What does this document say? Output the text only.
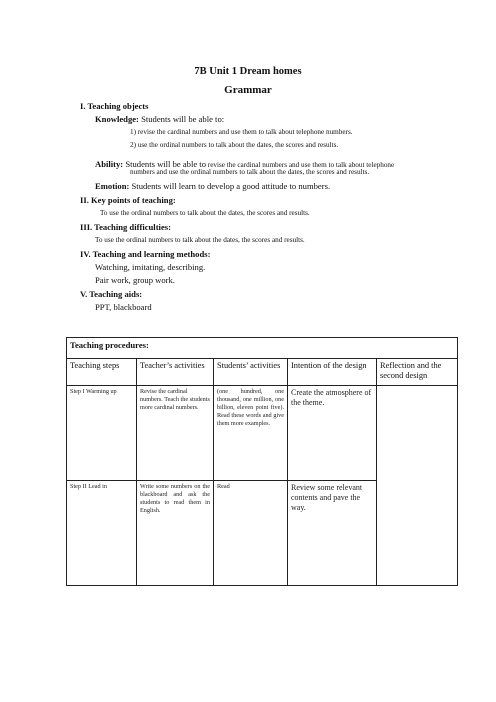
7B Unit 1 Dream homes
Grammar
I. Teaching objects
Knowledge: Students will be able to:
1) revise the cardinal numbers and use them to talk about telephone numbers.
2) use the ordinal numbers to talk about the dates, the scores and results.
Ability: Students will be able to revise the cardinal numbers and use them to talk about telephone
numbers and use the ordinal numbers to talk about the dates, the scores and results.
Emotion: Students will learn to develop a good attitude to numbers.
II. Key points of teaching:
To use the ordinal numbers to talk about the dates, the scores and results.
III. Teaching difficulties:
To use the ordinal numbers to talk about the dates, the scores and results.
IV. Teaching and learning methods:
Watching, imitating, describing.
Pair work, group work.
V. Teaching aids:
PPT, blackboard
Teaching procedures:				
Teaching steps	Teacher’s activities	Students’ activities	Intention of the design	Reflection and the second design
Step I Warming up	Revise the cardinal numbers. Teach the students more cardinal numbers.	(one hundred, one thousand, one million, one billion, eleven point five). Read these words and give them more examples.	Create the atmosphere of the theme.	
Step II Lead in	Write some numbers on the blackboard and ask the students to read them in English.	Read	Review some relevant contents and pave the way.	
